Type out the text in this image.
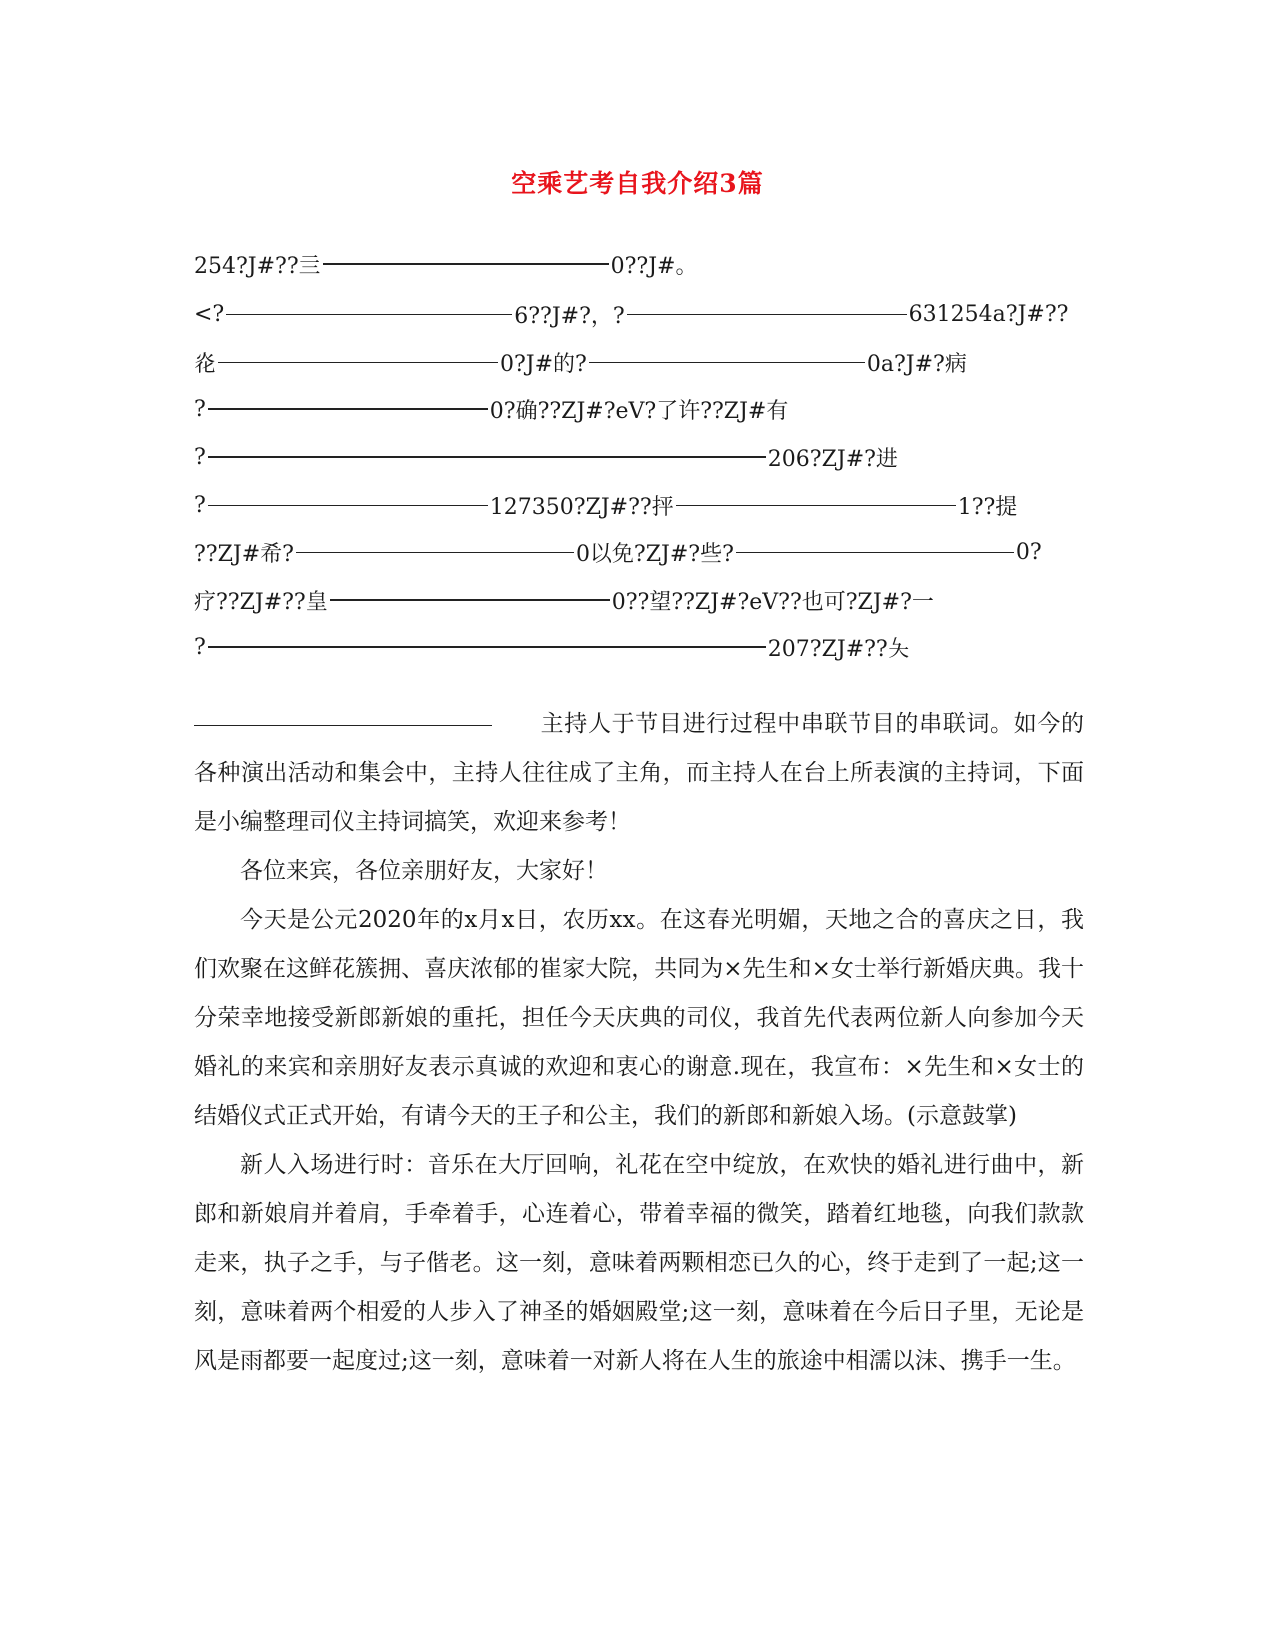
空乘艺考自我介绍3篇
254?J#??亖	0??J#。
<?	6??J#?，?	631254a?J#??
炛	0?J#的?	0a?J#?病
?	0?确??ZJ#?eV?了许??ZJ#有
?	206?ZJ#?进
?	127350?ZJ#??抨	1??提
??ZJ#希?	0以免?ZJ#?些?	0?
疗??ZJ#??皇	0??望??ZJ#?eV??也可?ZJ#?一
?	207?ZJ#??夨

主持人于节目进行过程中串联节目的串联词。如今的各种演出活动和集会中，主持人往往成了主角，而主持人在台上所表演的主持词，下面是小编整理司仪主持词搞笑，欢迎来参考！

各位来宾，各位亲朋好友，大家好！

今天是公元2020年的x月x日，农历xx。在这春光明媚，天地之合的喜庆之日，我们欢聚在这鲜花簇拥、喜庆浓郁的崔家大院，共同为×先生和×女士举行新婚庆典。我十分荣幸地接受新郎新娘的重托，担任今天庆典的司仪，我首先代表两位新人向参加今天婚礼的来宾和亲朋好友表示真诚的欢迎和衷心的谢意.现在，我宣布：×先生和×女士的结婚仪式正式开始，有请今天的王子和公主，我们的新郎和新娘入场。(示意鼓掌)

新人入场进行时：音乐在大厅回响，礼花在空中绽放，在欢快的婚礼进行曲中，新郎和新娘肩并着肩，手牵着手，心连着心，带着幸福的微笑，踏着红地毯，向我们款款走来，执子之手，与子偕老。这一刻，意味着两颗相恋已久的心，终于走到了一起;这一刻，意味着两个相爱的人步入了神圣的婚姻殿堂;这一刻，意味着在今后日子里，无论是风是雨都要一起度过;这一刻，意味着一对新人将在人生的旅途中相濡以沫、携手一生。
